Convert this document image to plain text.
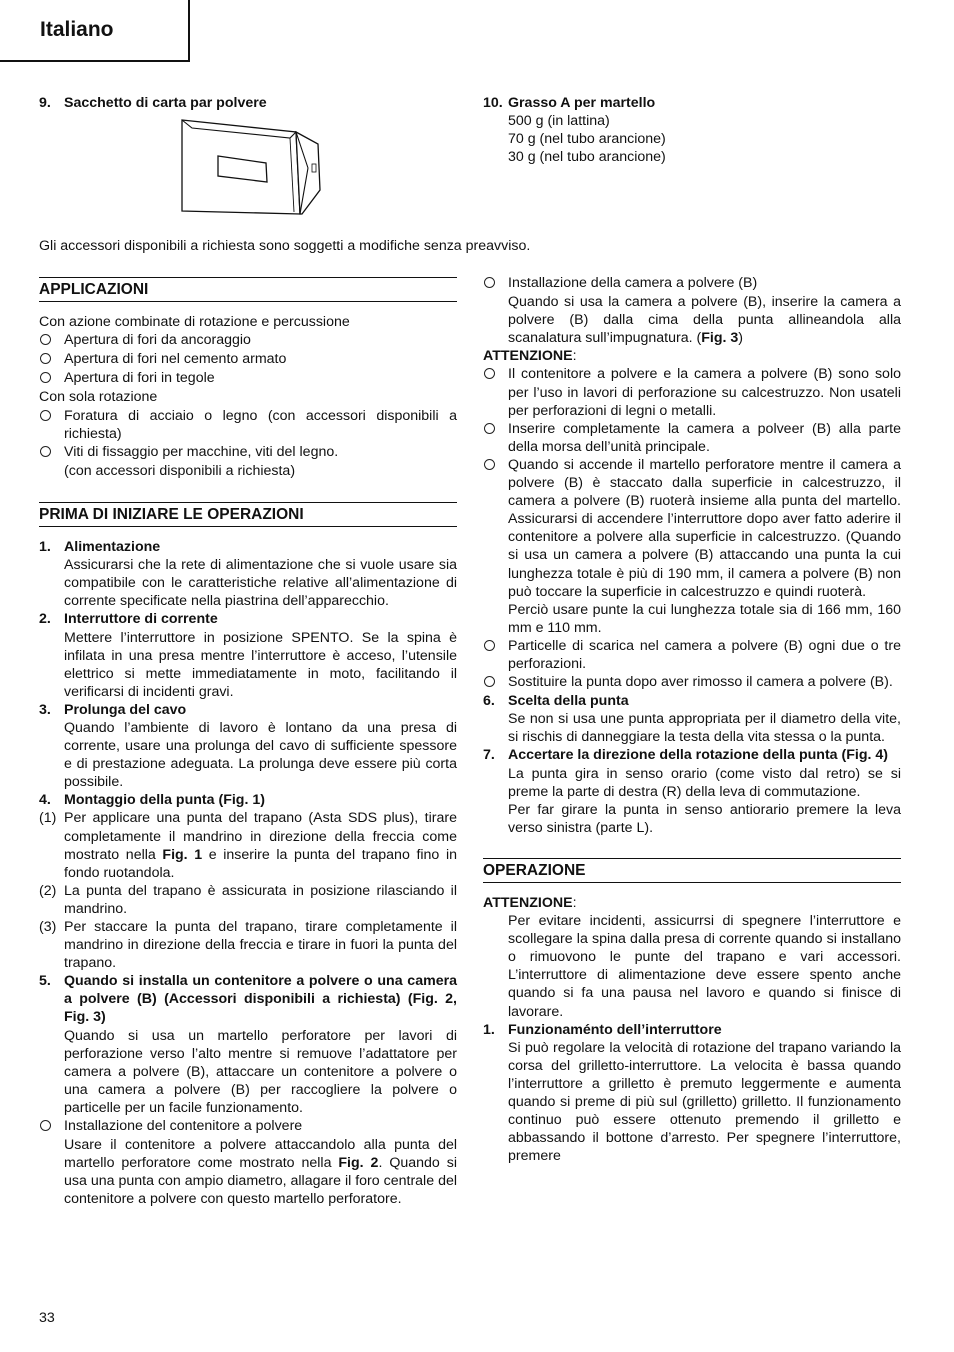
Italiano
9. Sacchetto di carta par polvere	10. Grasso A per martello
500 g (in lattina)
70 g (nel tubo arancione)
30 g (nel tubo arancione)
Gli accessori disponibili a richiesta sono soggetti a modifiche senza preavviso.
APPLICAZIONI
Con azione combinate di rotazione e percussione
Apertura di fori da ancoraggio
Apertura di fori nel cemento armato
Apertura di fori in tegole
Con sola rotazione
Foratura di acciaio o legno (con accessori disponibili a richiesta)
Viti di fissaggio per macchine, viti del legno.
(con accessori disponibili a richiesta)
PRIMA DI INIZIARE LE OPERAZIONI
1. Alimentazione
Assicurarsi che la rete di alimentazione che si vuole usare sia compatibile con le caratteristiche relative all’alimentazione di corrente specificate nella piastrina dell’apparecchio.
2. Interruttore di corrente
Mettere l’interruttore in posizione SPENTO. Se la spina è infilata in una presa mentre l’interruttore è acceso, l’utensile elettrico si mette immediatamente in moto, facilitando il verificarsi di incidenti gravi.
3. Prolunga del cavo
Quando l’ambiente di lavoro è lontano da una presa di corrente, usare una prolunga del cavo di sufficiente spessore e di prestazione adeguata. La prolunga deve essere più corta possibile.
4. Montaggio della punta (Fig. 1)
(1) Per applicare una punta del trapano (Asta SDS plus), tirare completamente il mandrino in direzione della freccia come mostrato nella Fig. 1 e inserire la punta del trapano fino in fondo ruotandola.
(2) La punta del trapano è assicurata in posizione rilasciando il mandrino.
(3) Per staccare la punta del trapano, tirare completamente il mandrino in direzione della freccia e tirare in fuori la punta del trapano.
5. Quando si installa un contenitore a polvere o una camera a polvere (B) (Accessori disponibili a richiesta) (Fig. 2, Fig. 3)
Quando si usa un martello perforatore per lavori di perforazione verso l’alto mentre si remuove l’adattatore per camera a polvere (B), attaccare un contenitore a polvere o una camera a polvere (B) per raccogliere la polvere o particelle per un facile funzionamento.
Installazione del contenitore a polvere
Usare il contenitore a polvere attaccandolo alla punta del martello perforatore come mostrato nella Fig. 2. Quando si usa una punta con ampio diametro, allagare il foro centrale del contenitore a polvere con questo martello perforatore.
Installazione della camera a polvere (B)
Quando si usa la camera a polvere (B), inserire la camera a polvere (B) dalla cima della punta allineandola alla scanalatura sull’impugnatura. (Fig. 3)
ATTENZIONE:
Il contenitore a polvere e la camera a polvere (B) sono solo per l’uso in lavori di perforazione su calcestruzzo. Non usateli per perforazioni di legni o metalli.
Inserire completamente la camera a polveer (B) alla parte della morsa dell’unità principale.
Quando si accende il martello perforatore mentre il camera a polvere (B) è staccato dalla superficie in calcestruzzo, il camera a polvere (B) ruoterà insieme alla punta del martello. Assicurarsi di accendere l’interruttore dopo aver fatto aderire il contenitore a polvere alla superficie in calcestruzzo. (Quando si usa un camera a polvere (B) attaccando una punta la cui lunghezza totale è più di 190 mm, il camera a polvere (B) non può toccare la superficie in calcestruzzo e quindi ruoterà.
Perciò usare punte la cui lunghezza totale sia di 166 mm, 160 mm e 110 mm.
Particelle di scarica nel camera a polvere (B) ogni due o tre perforazioni.
Sostituire la punta dopo aver rimosso il camera a polvere (B).
6. Scelta della punta
Se non si usa une punta appropriata per il diametro della vite, si rischis di danneggiare la testa della vita stessa o la punta.
7. Accertare la direzione della rotazione della punta (Fig. 4)
La punta gira in senso orario (come visto dal retro) se si preme la parte di destra (R) della leva di commutazione.
Per far girare la punta in senso antiorario premere la leva verso sinistra (parte L).
OPERAZIONE
ATTENZIONE:
Per evitare incidenti, assicurrsi di spegnere l’interruttore e scollegare la spina dalla presa di corrente quando si installano o rimuovono le punte del trapano e vari accessori. L’interruttore di alimentazione deve essere spento anche quando si fa una pausa nel lavoro e quando si finisce di lavorare.
1. Funzionaménto dell’interruttore
Si può regolare la velocità di rotazione del trapano variando la corsa del grilletto-interruttore. La velocita è bassa quando l’interruttore a grilletto è premuto leggermente e aumenta quando si preme di più sul (grilletto) grilletto. Il funzionamento continuo può essere ottenuto premendo il grilletto e abbassando il bottone d’arresto. Per spegnere l’interruttore, premere
33
